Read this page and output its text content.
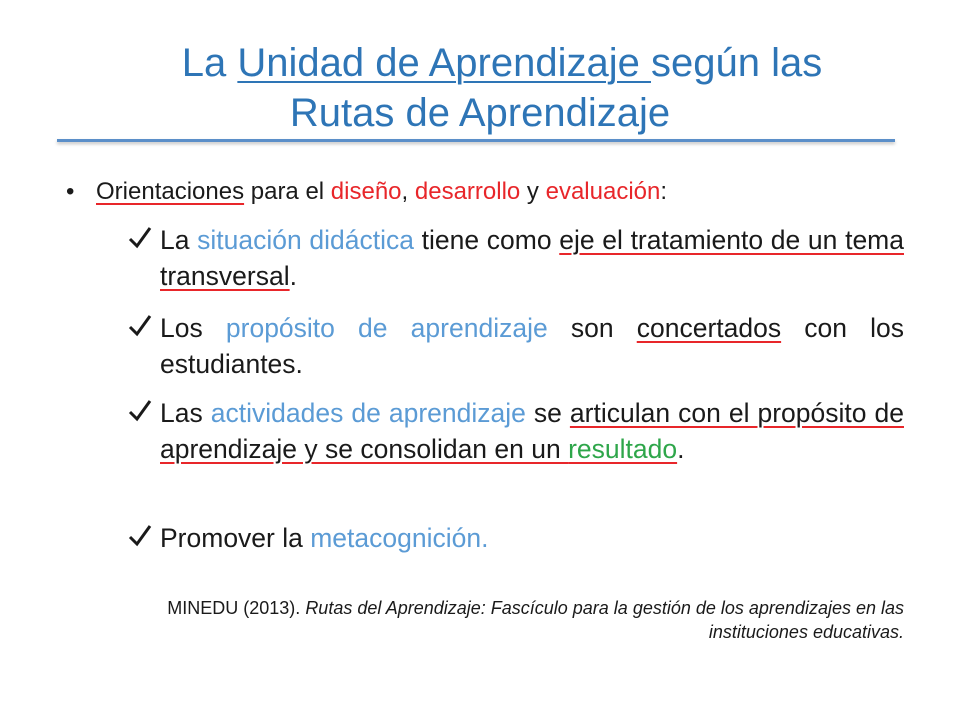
La Unidad de Aprendizaje según las
Rutas de Aprendizaje
• Orientaciones para el diseño, desarrollo y evaluación:
La situación didáctica tiene como eje el tratamiento de un tema transversal.
Los propósito de aprendizaje son concertados con los estudiantes.
Las actividades de aprendizaje se articulan con el propósito de aprendizaje y se consolidan en un resultado.
Promover la metacognición.
MINEDU (2013). Rutas del Aprendizaje: Fascículo para la gestión de los aprendizajes en las instituciones educativas.
